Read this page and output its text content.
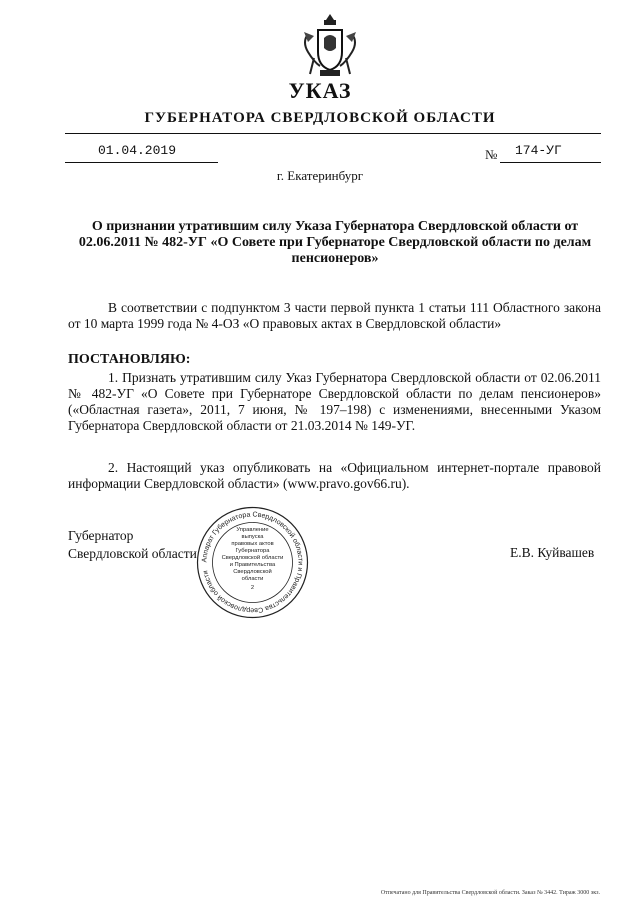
УКАЗ
ГУБЕРНАТОРА СВЕРДЛОВСКОЙ ОБЛАСТИ
01.04.2019	№ 174-УГ
г. Екатеринбург
О признании утратившим силу Указа Губернатора Свердловской области от 02.06.2011 № 482-УГ «О Совете при Губернаторе Свердловской области по делам пенсионеров»
В соответствии с подпунктом 3 части первой пункта 1 статьи 111 Областного закона от 10 марта 1999 года № 4-ОЗ «О правовых актах в Свердловской области»
ПОСТАНОВЛЯЮ:
1. Признать утратившим силу Указ Губернатора Свердловской области от 02.06.2011 № 482-УГ «О Совете при Губернаторе Свердловской области по делам пенсионеров» («Областная газета», 2011, 7 июня, № 197–198) с изменениями, внесенными Указом Губернатора Свердловской области от 21.03.2014 № 149-УГ.
2. Настоящий указ опубликовать на «Официальном интернет-портале правовой информации Свердловской области» (www.pravo.gov66.ru).
Губернатор
Свердловской области	Е.В. Куйвашев
Аппарат Губернатора Свердловской области и Правительства Свердловской области
Управление
выпуска
правовых актов
Губернатора
Свердловской области
и Правительства
Свердловской
области
2
Отпечатано для Правительства Свердловской области. Заказ № 3442. Тираж 3000 экз.
